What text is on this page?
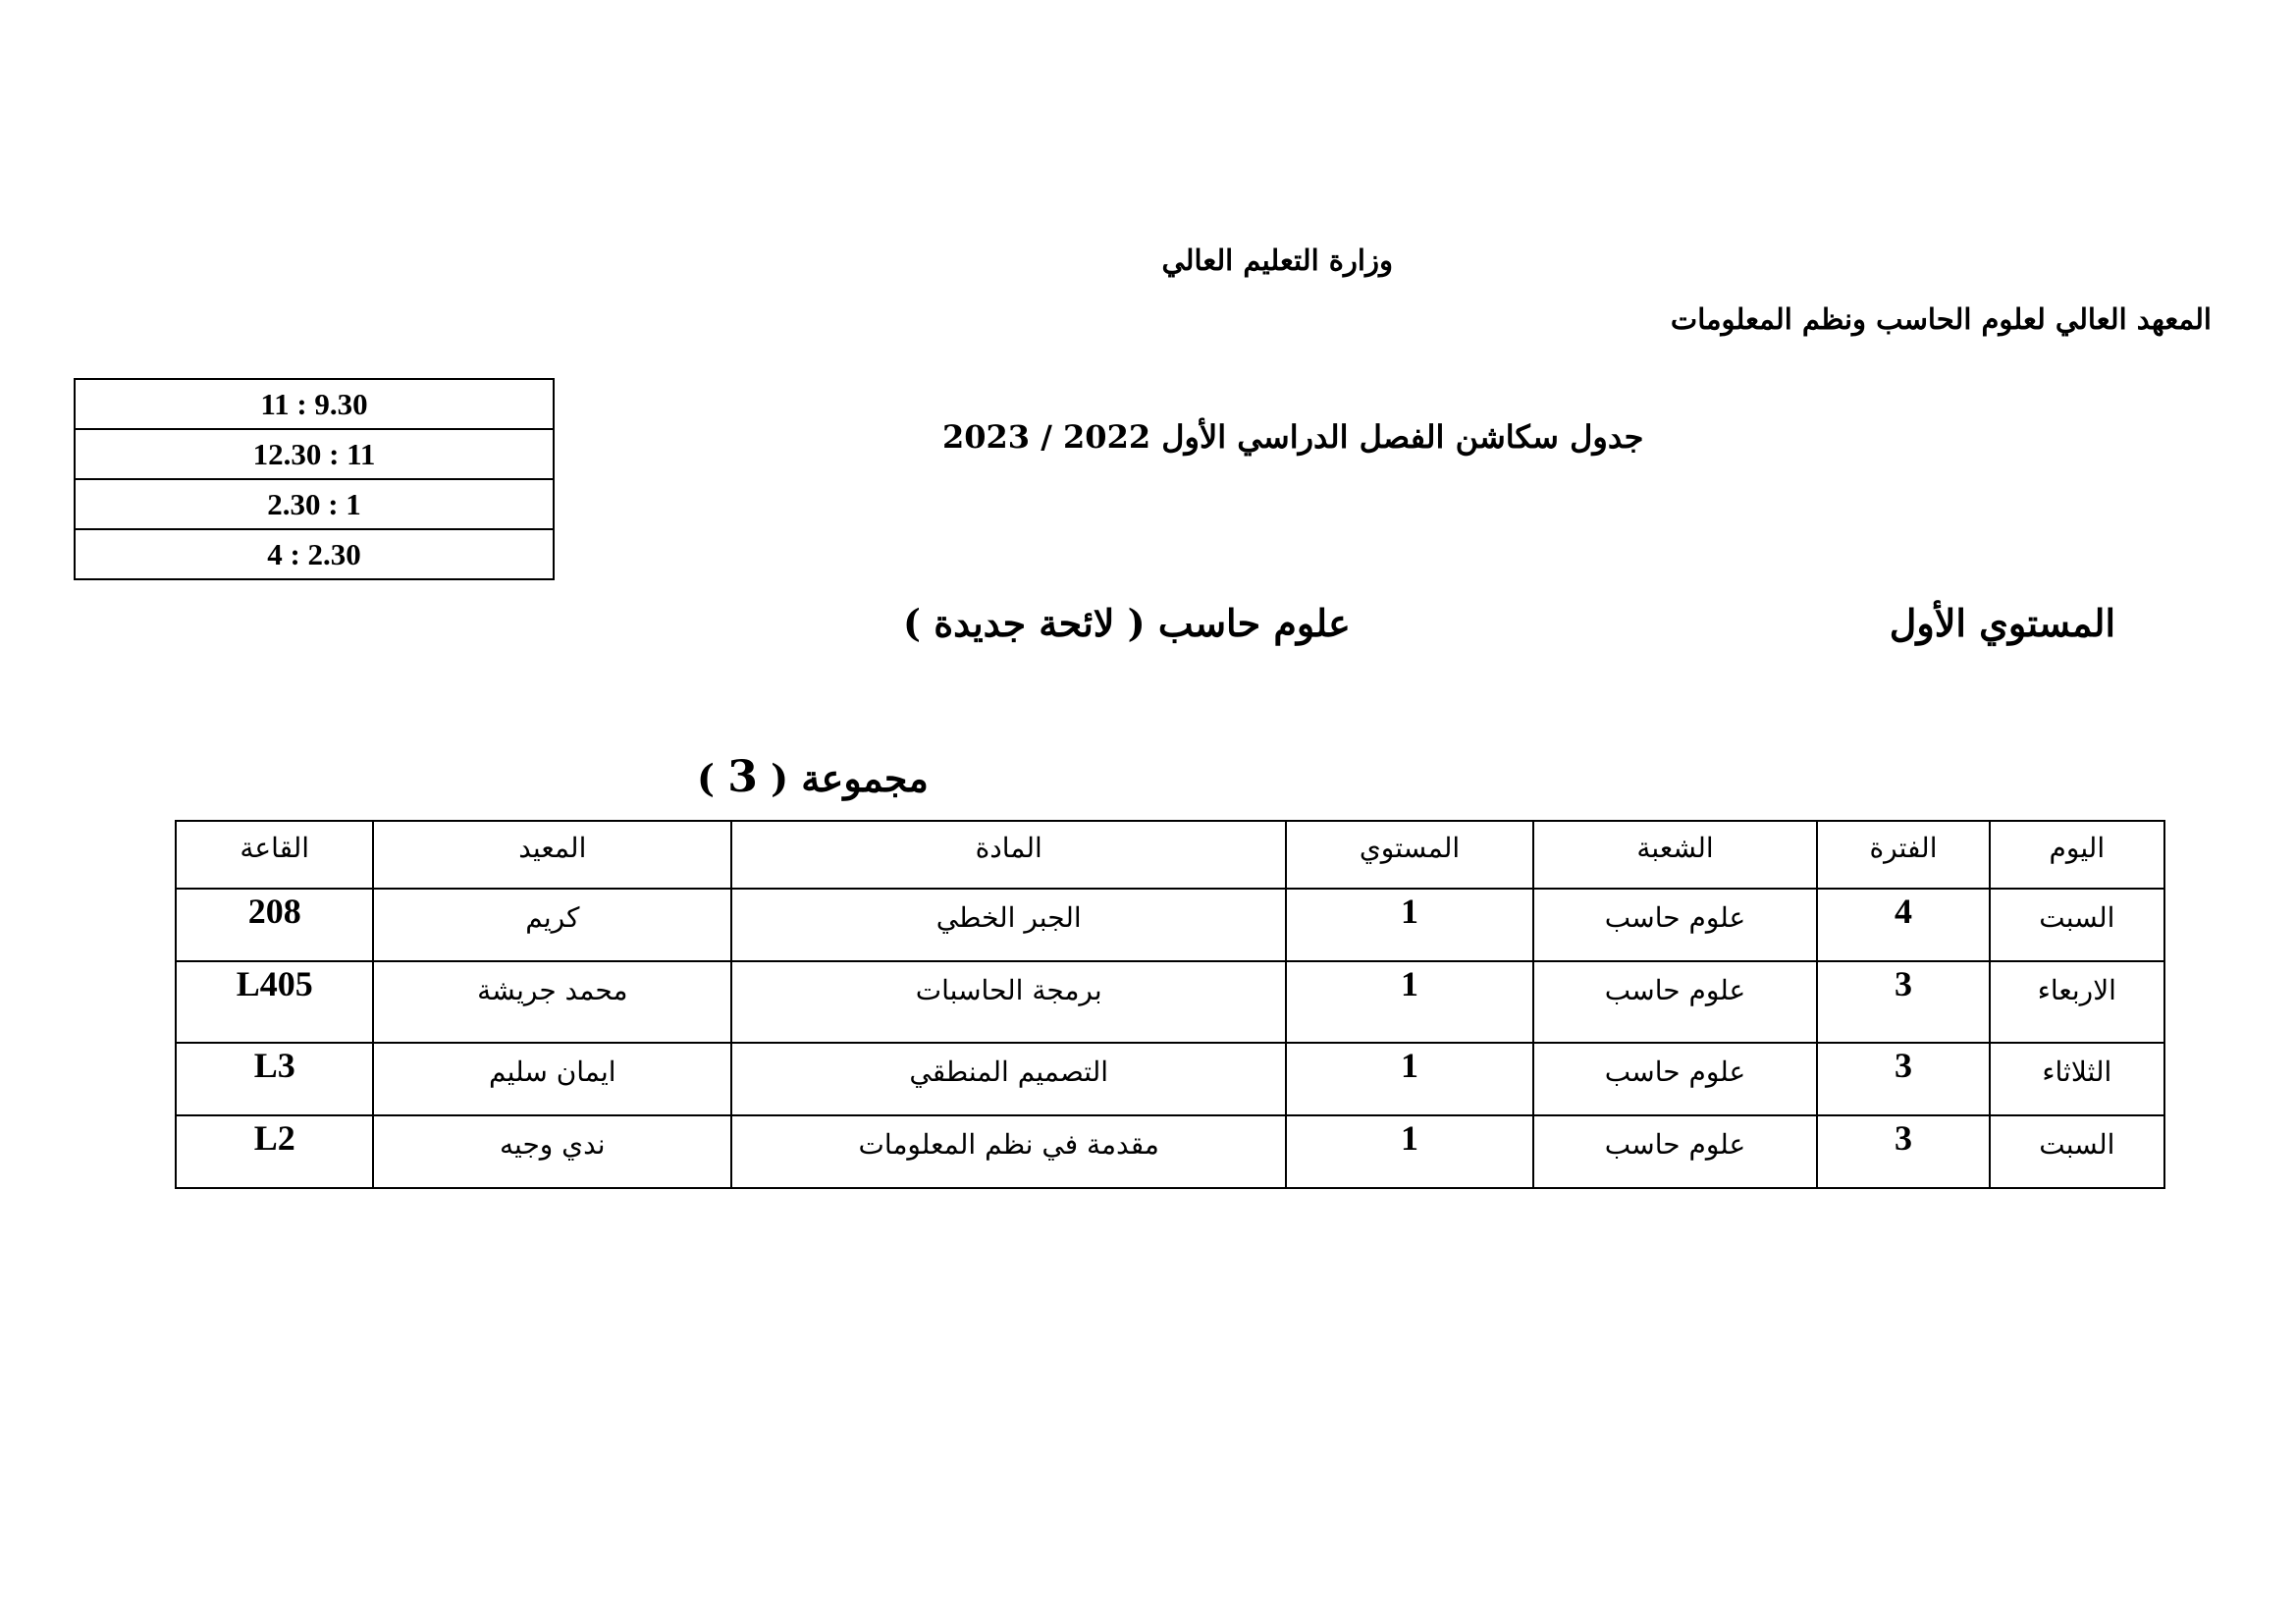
وزارة التعليم العالي
المعهد العالي لعلوم الحاسب ونظم المعلومات
11 : 9.30
12.30 : 11
2.30 : 1
4 : 2.30
جدول سكاشن الفصل الدراسي الأول 2022 / 2023
المستوي الأول
علوم حاسب ( لائحة جديدة )
مجموعة ( 3 )
اليوم	الفترة	الشعبة	المستوي	المادة	المعيد	القاعة
السبت	4	علوم حاسب	1	الجبر الخطي	كريم	208
الاربعاء	3	علوم حاسب	1	برمجة الحاسبات	محمد جريشة	L405
الثلاثاء	3	علوم حاسب	1	التصميم المنطقي	ايمان سليم	L3
السبت	3	علوم حاسب	1	مقدمة في نظم المعلومات	ندي وجيه	L2
